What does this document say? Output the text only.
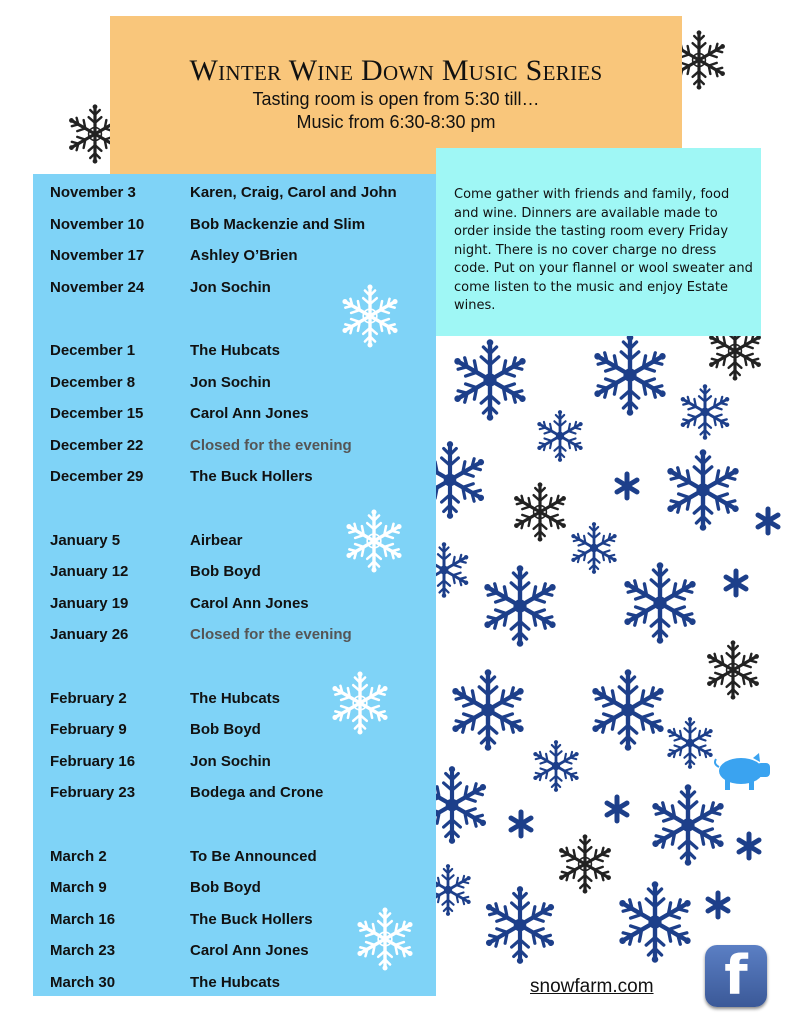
Winter Wine Down Music Series
Tasting room is open from 5:30 till…
Music from 6:30-8:30 pm

Come gather with friends and family, food and wine. Dinners are available made to order inside the tasting room every Friday night. There is no cover charge no dress code. Put on your flannel or wool sweater and come listen to the music and enjoy Estate wines.

November 3	Karen, Craig, Carol and John
November 10	Bob Mackenzie and Slim
November 17	Ashley O’Brien
November 24	Jon Sochin
December 1	The Hubcats
December 8	Jon Sochin
December 15	Carol Ann Jones
December 22	Closed for the evening
December 29	The Buck Hollers
January 5	Airbear
January 12	Bob Boyd
January 19	Carol Ann Jones
January 26	Closed for the evening
February 2	The Hubcats
February 9	Bob Boyd
February 16	Jon Sochin
February 23	Bodega and Crone
March 2	To Be Announced
March 9	Bob Boyd
March 16	The Buck Hollers
March 23	Carol Ann Jones
March 30	The Hubcats	snowfarm.com	f
